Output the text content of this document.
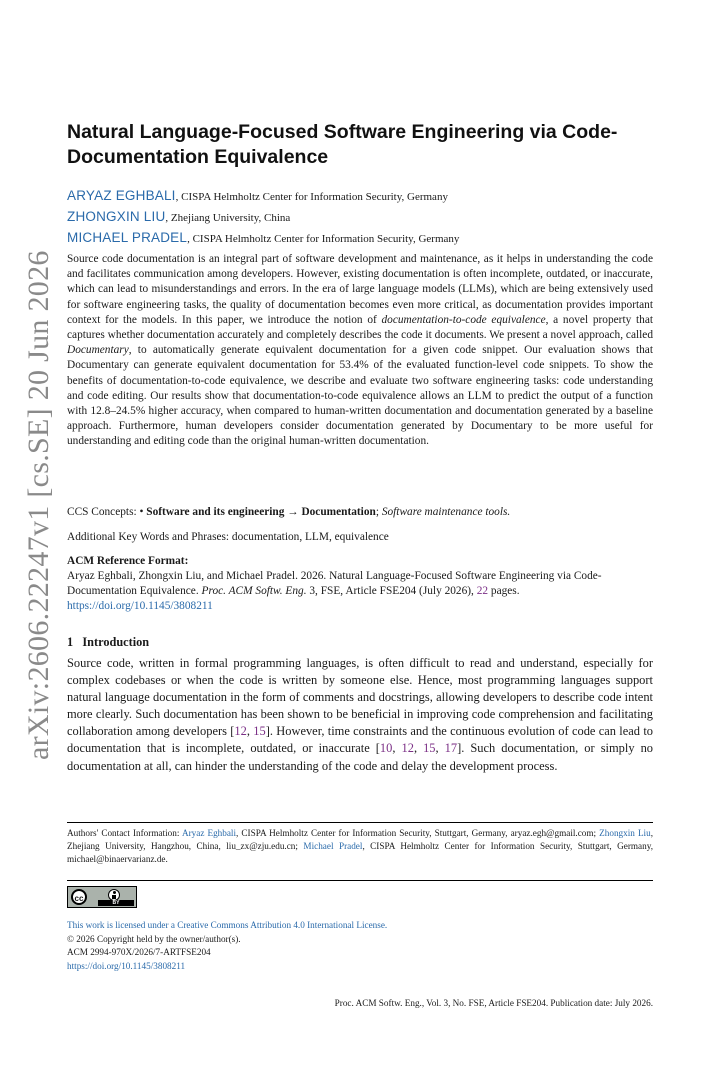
arXiv:2606.22247v1 [cs.SE] 20 Jun 2026
Natural Language-Focused Software Engineering via Code-Documentation Equivalence
ARYAZ EGHBALI, CISPA Helmholtz Center for Information Security, Germany
ZHONGXIN LIU, Zhejiang University, China
MICHAEL PRADEL, CISPA Helmholtz Center for Information Security, Germany

Source code documentation is an integral part of software development and maintenance, as it helps in understanding the code and facilitates communication among developers. However, existing documentation is often incomplete, outdated, or inaccurate, which can lead to misunderstandings and errors. In the era of large language models (LLMs), which are being extensively used for software engineering tasks, the quality of documentation becomes even more critical, as documentation provides important context for the models. In this paper, we introduce the notion of documentation-to-code equivalence, a novel property that captures whether documentation accurately and completely describes the code it documents. We present a novel approach, called Documentary, to automatically generate equivalent documentation for a given code snippet. Our evaluation shows that Documentary can generate equivalent documentation for 53.4% of the evaluated function-level code snippets. To show the benefits of documentation-to-code equivalence, we describe and evaluate two software engineering tasks: code understanding and code editing. Our results show that documentation-to-code equivalence allows an LLM to predict the output of a function with 12.8–24.5% higher accuracy, when compared to human-written documentation and documentation generated by a baseline approach. Furthermore, human developers consider documentation generated by Documentary to be more useful for understanding and editing code than the original human-written documentation.

CCS Concepts: • Software and its engineering → Documentation; Software maintenance tools.
Additional Key Words and Phrases: documentation, LLM, equivalence
ACM Reference Format:
Aryaz Eghbali, Zhongxin Liu, and Michael Pradel. 2026. Natural Language-Focused Software Engineering via Code-Documentation Equivalence. Proc. ACM Softw. Eng. 3, FSE, Article FSE204 (July 2026), 22 pages.
https://doi.org/10.1145/3808211
1 Introduction

Source code, written in formal programming languages, is often difficult to read and understand, especially for complex codebases or when the code is written by someone else. Hence, most programming languages support natural language documentation in the form of comments and docstrings, allowing developers to describe code intent more clearly. Such documentation has been shown to be beneficial in improving code comprehension and facilitating collaboration among developers [12, 15]. However, time constraints and the continuous evolution of code can lead to documentation that is incomplete, outdated, or inaccurate [10, 12, 15, 17]. Such documentation, or simply no documentation at all, can hinder the understanding of the code and delay the development process.

Authors' Contact Information: Aryaz Eghbali, CISPA Helmholtz Center for Information Security, Stuttgart, Germany, aryaz.egh@gmail.com; Zhongxin Liu, Zhejiang University, Hangzhou, China, liu_zx@zju.edu.cn; Michael Pradel, CISPA Helmholtz Center for Information Security, Stuttgart, Germany, michael@binaervarianz.de.
cc	BY
This work is licensed under a Creative Commons Attribution 4.0 International License.
© 2026 Copyright held by the owner/author(s).
ACM 2994-970X/2026/7-ARTFSE204
https://doi.org/10.1145/3808211
Proc. ACM Softw. Eng., Vol. 3, No. FSE, Article FSE204. Publication date: July 2026.
